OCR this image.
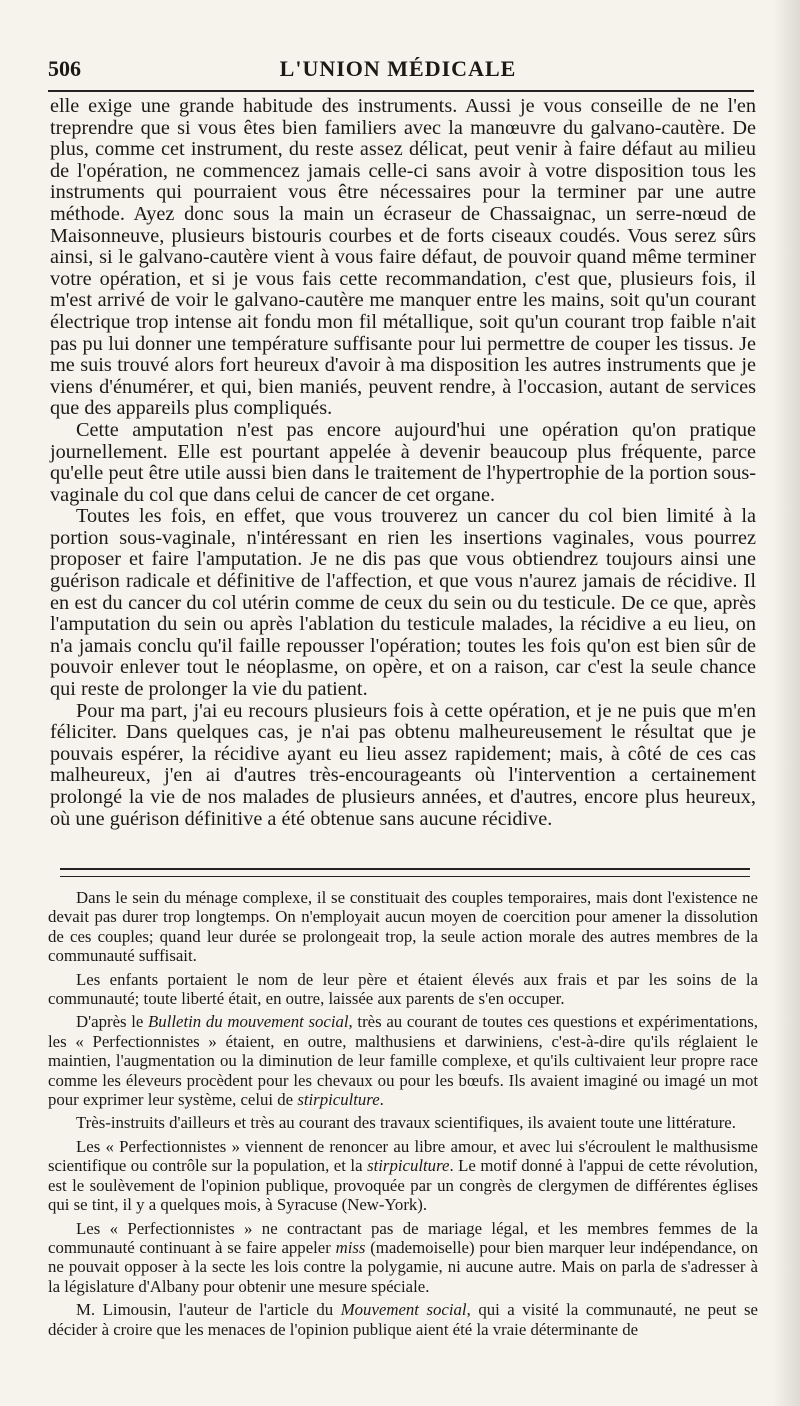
506	L'UNION MÉDICALE

elle exige une grande habitude des instruments. Aussi je vous conseille de ne l'en treprendre que si vous êtes bien familiers avec la manœuvre du galvano-cautère. De plus, comme cet instrument, du reste assez délicat, peut venir à faire défaut au milieu de l'opération, ne commencez jamais celle-ci sans avoir à votre disposition tous les instruments qui pourraient vous être nécessaires pour la terminer par une autre méthode. Ayez donc sous la main un écraseur de Chassaignac, un serre-nœud de Maisonneuve, plusieurs bistouris courbes et de forts ciseaux coudés. Vous serez sûrs ainsi, si le galvano-cautère vient à vous faire défaut, de pouvoir quand même terminer votre opération, et si je vous fais cette recommandation, c'est que, plusieurs fois, il m'est arrivé de voir le galvano-cautère me manquer entre les mains, soit qu'un courant électrique trop intense ait fondu mon fil métallique, soit qu'un courant trop faible n'ait pas pu lui donner une température suffisante pour lui permettre de couper les tissus. Je me suis trouvé alors fort heureux d'avoir à ma disposition les autres instruments que je viens d'énumérer, et qui, bien maniés, peuvent rendre, à l'occasion, autant de services que des appareils plus compliqués.

Cette amputation n'est pas encore aujourd'hui une opération qu'on pratique journellement. Elle est pourtant appelée à devenir beaucoup plus fréquente, parce qu'elle peut être utile aussi bien dans le traitement de l'hypertrophie de la portion sous-vaginale du col que dans celui de cancer de cet organe.

Toutes les fois, en effet, que vous trouverez un cancer du col bien limité à la portion sous-vaginale, n'intéressant en rien les insertions vaginales, vous pourrez proposer et faire l'amputation. Je ne dis pas que vous obtiendrez toujours ainsi une guérison radicale et définitive de l'affection, et que vous n'aurez jamais de récidive. Il en est du cancer du col utérin comme de ceux du sein ou du testicule. De ce que, après l'amputation du sein ou après l'ablation du testicule malades, la récidive a eu lieu, on n'a jamais conclu qu'il faille repousser l'opération; toutes les fois qu'on est bien sûr de pouvoir enlever tout le néoplasme, on opère, et on a raison, car c'est la seule chance qui reste de prolonger la vie du patient.

Pour ma part, j'ai eu recours plusieurs fois à cette opération, et je ne puis que m'en féliciter. Dans quelques cas, je n'ai pas obtenu malheureusement le résultat que je pouvais espérer, la récidive ayant eu lieu assez rapidement; mais, à côté de ces cas malheureux, j'en ai d'autres très-encourageants où l'intervention a certainement prolongé la vie de nos malades de plusieurs années, et d'autres, encore plus heureux, où une guérison définitive a été obtenue sans aucune récidive.

Dans le sein du ménage complexe, il se constituait des couples temporaires, mais dont l'existence ne devait pas durer trop longtemps. On n'employait aucun moyen de coercition pour amener la dissolution de ces couples; quand leur durée se prolongeait trop, la seule action morale des autres membres de la communauté suffisait.

Les enfants portaient le nom de leur père et étaient élevés aux frais et par les soins de la communauté; toute liberté était, en outre, laissée aux parents de s'en occuper.

D'après le Bulletin du mouvement social, très au courant de toutes ces questions et expérimentations, les « Perfectionnistes » étaient, en outre, malthusiens et darwiniens, c'est-à-dire qu'ils réglaient le maintien, l'augmentation ou la diminution de leur famille complexe, et qu'ils cultivaient leur propre race comme les éleveurs procèdent pour les chevaux ou pour les bœufs. Ils avaient imaginé ou imagé un mot pour exprimer leur système, celui de stirpiculture.

Très-instruits d'ailleurs et très au courant des travaux scientifiques, ils avaient toute une littérature.

Les « Perfectionnistes » viennent de renoncer au libre amour, et avec lui s'écroulent le malthusisme scientifique ou contrôle sur la population, et la stirpiculture. Le motif donné à l'appui de cette révolution, est le soulèvement de l'opinion publique, provoquée par un congrès de clergymen de différentes églises qui se tint, il y a quelques mois, à Syracuse (New-York).

Les « Perfectionnistes » ne contractant pas de mariage légal, et les membres femmes de la communauté continuant à se faire appeler miss (mademoiselle) pour bien marquer leur indépendance, on ne pouvait opposer à la secte les lois contre la polygamie, ni aucune autre. Mais on parla de s'adresser à la législature d'Albany pour obtenir une mesure spéciale.

M. Limousin, l'auteur de l'article du Mouvement social, qui a visité la communauté, ne peut se décider à croire que les menaces de l'opinion publique aient été la vraie déterminante de
